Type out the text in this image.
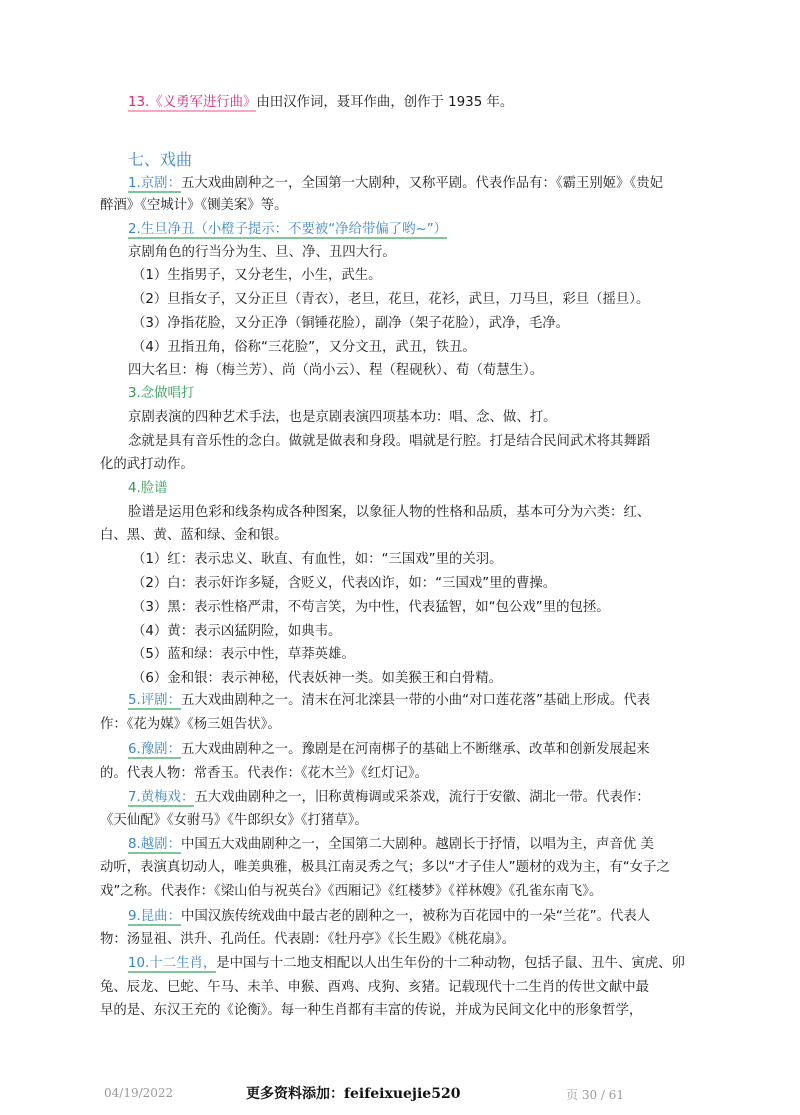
13.《义勇军进行曲》由田汉作词，聂耳作曲，创作于 1935 年。
七、戏曲
1.京剧：五大戏曲剧种之一，全国第一大剧种，又称平剧。代表作品有：《霸王别姬》《贵妃
醉酒》《空城计》《铡美案》等。
2.生旦净丑（小橙子提示：不要被“净给带偏了哟~”）
京剧角色的行当分为生、旦、净、丑四大行。
（1）生指男子，又分老生，小生，武生。
（2）旦指女子，又分正旦（青衣），老旦，花旦，花衫，武旦，刀马旦，彩旦（摇旦）。
（3）净指花脸，又分正净（铜锤花脸），副净（架子花脸），武净，毛净。
（4）丑指丑角，俗称“三花脸”，又分文丑，武丑，铁丑。
四大名旦：梅（梅兰芳）、尚（尚小云）、程（程砚秋）、荀（荀慧生）。
3.念做唱打
京剧表演的四种艺术手法，也是京剧表演四项基本功：唱、念、做、打。
念就是具有音乐性的念白。做就是做表和身段。唱就是行腔。打是结合民间武术将其舞蹈
化的武打动作。
4.脸谱
脸谱是运用色彩和线条构成各种图案，以象征人物的性格和品质，基本可分为六类：红、
白、黑、黄、蓝和绿、金和银。
（1）红：表示忠义、耿直、有血性，如：“三国戏”里的关羽。
（2）白：表示奸诈多疑，含贬义，代表凶诈，如：“三国戏”里的曹操。
（3）黑：表示性格严肃，不苟言笑，为中性，代表猛智，如“包公戏”里的包拯。
（4）黄：表示凶猛阴险，如典韦。
（5）蓝和绿：表示中性，草莽英雄。
（6）金和银：表示神秘，代表妖神一类。如美猴王和白骨精。
5.评剧：五大戏曲剧种之一。清末在河北滦县一带的小曲“对口莲花落”基础上形成。代表
作：《花为媒》《杨三姐告状》。
6.豫剧：五大戏曲剧种之一。豫剧是在河南梆子的基础上不断继承、改革和创新发展起来
的。代表人物：常香玉。代表作：《花木兰》《红灯记》。
7.黄梅戏：五大戏曲剧种之一，旧称黄梅调或采茶戏，流行于安徽、湖北一带。代表作：
《天仙配》《女驸马》《牛郎织女》《打猪草》。
8.越剧：中国五大戏曲剧种之一，全国第二大剧种。越剧长于抒情，以唱为主，声音优 美
动听，表演真切动人，唯美典雅，极具江南灵秀之气；多以“才子佳人”题材的戏为主，有“女子之
戏”之称。代表作：《梁山伯与祝英台》《西厢记》《红楼梦》《祥林嫂》《孔雀东南飞》。
9.昆曲：中国汉族传统戏曲中最古老的剧种之一，被称为百花园中的一朵“兰花”。代表人
物：汤显祖、洪升、孔尚任。代表剧：《牡丹亭》《长生殿》《桃花扇》。
10.十二生肖，是中国与十二地支相配以人出生年份的十二种动物，包括子鼠、丑牛、寅虎、卯
兔、辰龙、巳蛇、午马、未羊、申猴、酉鸡、戌狗、亥猪。记载现代十二生肖的传世文献中最
早的是、东汉王充的《论衡》。每一种生肖都有丰富的传说，并成为民间文化中的形象哲学，
04/19/2022	更多资料添加：feifeixuejie520	页 30 / 61
